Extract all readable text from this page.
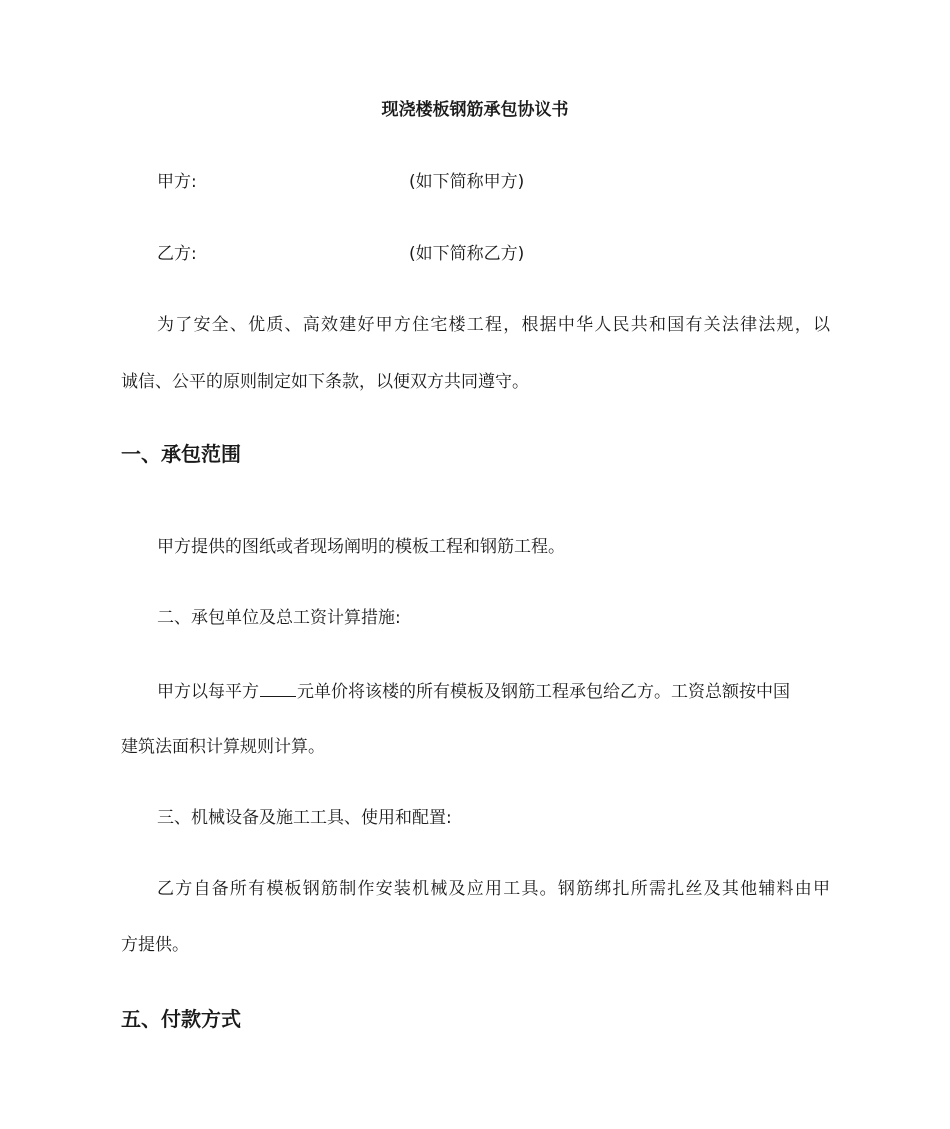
现浇楼板钢筋承包协议书

甲方:	(如下简称甲方)

乙方:	(如下简称乙方)

为了安全、优质、高效建好甲方住宅楼工程，根据中华人民共和国有关法律法规，以

诚信、公平的原则制定如下条款，以便双方共同遵守。

一、承包范围

甲方提供的图纸或者现场阐明的模板工程和钢筋工程。

二、承包单位及总工资计算措施:

甲方以每平方 元单价将该楼的所有模板及钢筋工程承包给乙方。工资总额按中国

建筑法面积计算规则计算。

三、机械设备及施工工具、使用和配置:

乙方自备所有模板钢筋制作安装机械及应用工具。钢筋绑扎所需扎丝及其他辅料由甲

方提供。

五、付款方式
